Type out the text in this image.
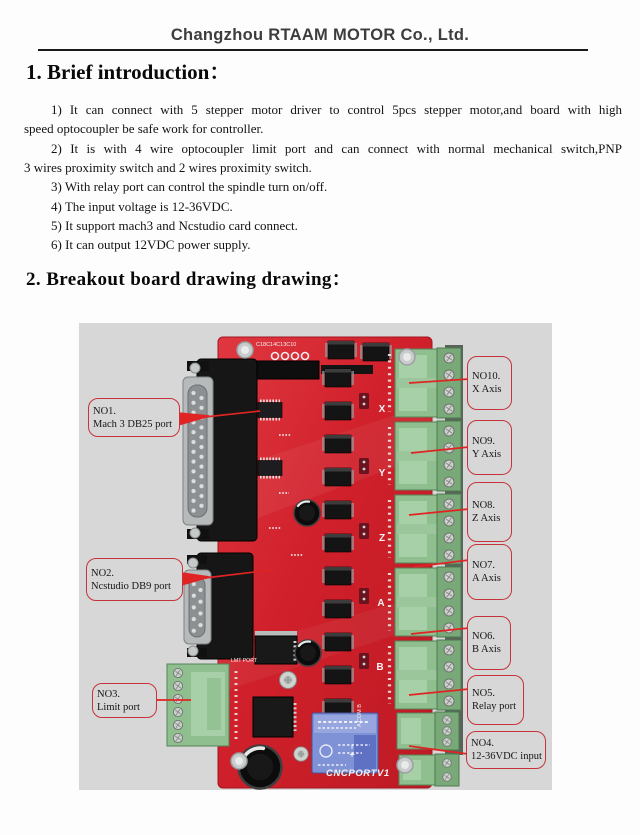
Changzhou RTAAM MOTOR Co., Ltd.
1. Brief introduction：

1) It can connect with 5 stepper motor driver to control 5pcs stepper motor,and board with high

speed optocoupler be safe work for controller.

2) It is with 4 wire optocoupler limit port and can connect with normal mechanical switch,PNP

3 wires proximity switch and 2 wires proximity switch.

3) With relay port can control the spindle turn on/off.

4) The input voltage is 12-36VDC.

5) It support mach3 and Ncstudio card connect.

6) It can output 12VDC power supply.

2. Breakout board drawing drawing：
C18C14C13C10
LMT PORT
X
Y
Z
A
B
A COM B
+ −
CNCPORTV1
NO1.
Mach 3 DB25 port
NO2.
Ncstudio DB9 port
NO3.
Limit port
NO10.
X Axis
NO9.
Y Axis
NO8.
Z Axis
NO7.
A Axis
NO6.
B Axis
NO5.
Relay port
NO4.
12-36VDC input
